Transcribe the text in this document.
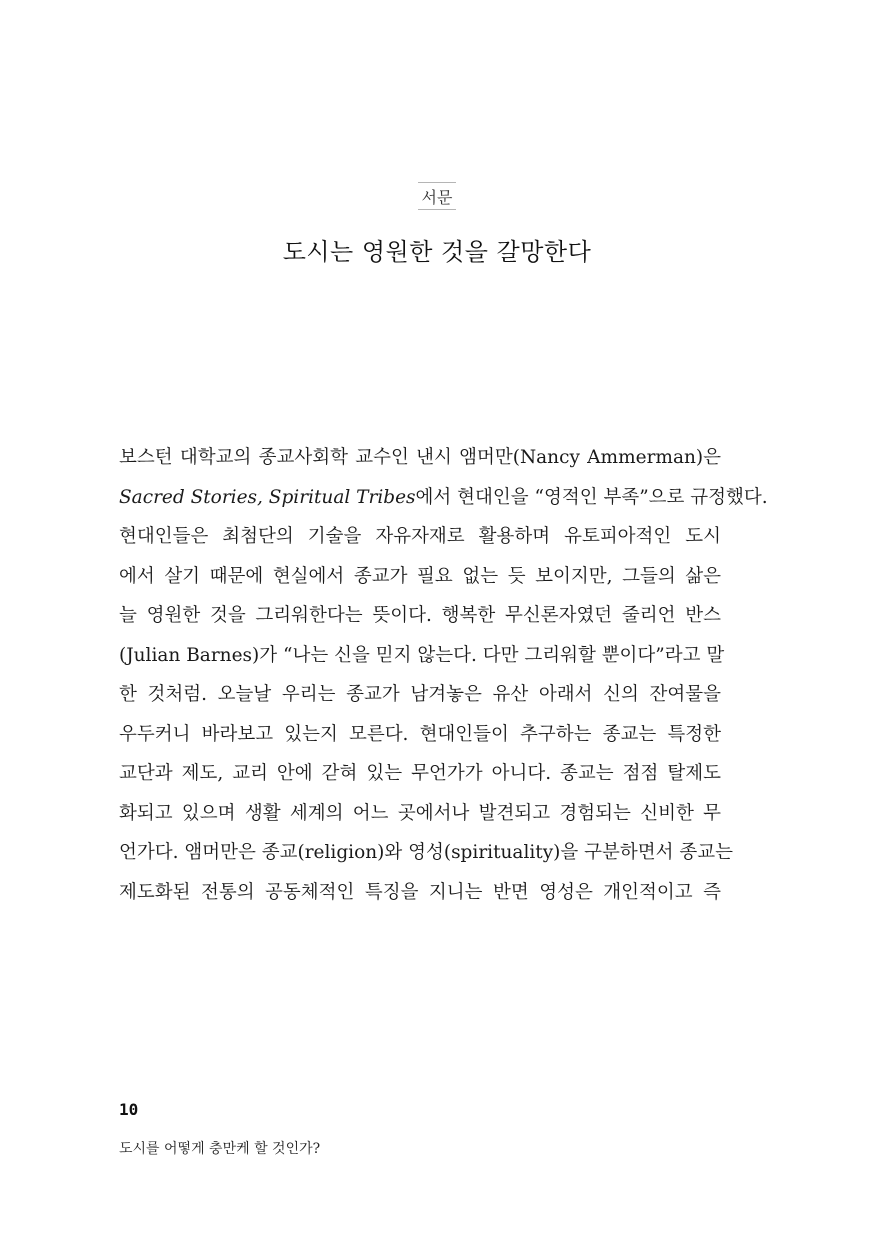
서문
도시는 영원한 것을 갈망한다
보스턴 대학교의 종교사회학 교수인 낸시 앰머만(Nancy Ammerman)은
Sacred Stories, Spiritual Tribes에서 현대인을 “영적인 부족”으로 규정했다.
현대인들은 최첨단의 기술을 자유자재로 활용하며 유토피아적인 도시
에서 살기 때문에 현실에서 종교가 필요 없는 듯 보이지만, 그들의 삶은
늘 영원한 것을 그리워한다는 뜻이다. 행복한 무신론자였던 줄리언 반스
(Julian Barnes)가 “나는 신을 믿지 않는다. 다만 그리워할 뿐이다”라고 말
한 것처럼. 오늘날 우리는 종교가 남겨놓은 유산 아래서 신의 잔여물을
우두커니 바라보고 있는지 모른다. 현대인들이 추구하는 종교는 특정한
교단과 제도, 교리 안에 갇혀 있는 무언가가 아니다. 종교는 점점 탈제도
화되고 있으며 생활 세계의 어느 곳에서나 발견되고 경험되는 신비한 무
언가다. 앰머만은 종교(religion)와 영성(spirituality)을 구분하면서 종교는
제도화된 전통의 공동체적인 특징을 지니는 반면 영성은 개인적이고 즉
10
도시를 어떻게 충만케 할 것인가?
